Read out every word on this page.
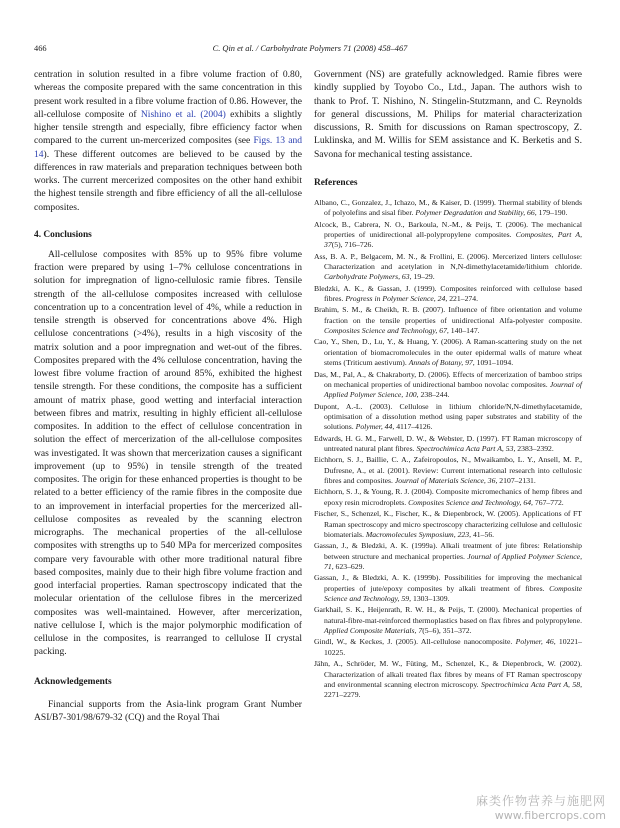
466	C. Qin et al. / Carbohydrate Polymers 71 (2008) 458–467

centration in solution resulted in a fibre volume fraction of 0.80, whereas the composite prepared with the same concentration in this present work resulted in a fibre volume fraction of 0.86. However, the all-cellulose composite of Nishino et al. (2004) exhibits a slightly higher tensile strength and especially, fibre efficiency factor when compared to the current un-mercerized composites (see Figs. 13 and 14). These different outcomes are believed to be caused by the differences in raw materials and preparation techniques between both works. The current mercerized composites on the other hand exhibit the highest tensile strength and fibre efficiency of all the all-cellulose composites.

4. Conclusions

All-cellulose composites with 85% up to 95% fibre volume fraction were prepared by using 1–7% cellulose concentrations in solution for impregnation of ligno-cellulosic ramie fibres. Tensile strength of the all-cellulose composites increased with cellulose concentration up to a concentration level of 4%, while a reduction in tensile strength is observed for concentrations above 4%. High cellulose concentrations (>4%), results in a high viscosity of the matrix solution and a poor impregnation and wet-out of the fibres. Composites prepared with the 4% cellulose concentration, having the lowest fibre volume fraction of around 85%, exhibited the highest tensile strength. For these conditions, the composite has a sufficient amount of matrix phase, good wetting and interfacial interaction between fibres and matrix, resulting in highly efficient all-cellulose composites. In addition to the effect of cellulose concentration in solution the effect of mercerization of the all-cellulose composites was investigated. It was shown that mercerization causes a significant improvement (up to 95%) in tensile strength of the treated composites. The origin for these enhanced properties is thought to be related to a better efficiency of the ramie fibres in the composite due to an improvement in interfacial properties for the mercerized all-cellulose composites as revealed by the scanning electron micrographs. The mechanical properties of the all-cellulose composites with strengths up to 540 MPa for mercerized composites compare very favourable with other more traditional natural fibre based composites, mainly due to their high fibre volume fraction and good interfacial properties. Raman spectroscopy indicated that the molecular orientation of the cellulose fibres in the mercerized composites was well-maintained. However, after mercerization, native cellulose I, which is the major polymorphic modification of cellulose in the composites, is rearranged to cellulose II crystal packing.

Acknowledgements

Financial supports from the Asia-link program Grant Number ASI/B7-301/98/679-32 (CQ) and the Royal Thai

Government (NS) are gratefully acknowledged. Ramie fibres were kindly supplied by Toyobo Co., Ltd., Japan. The authors wish to thank to Prof. T. Nishino, N. Stingelin-Stutzmann, and C. Reynolds for general discussions, M. Philips for material characterization discussions, R. Smith for discussions on Raman spectroscopy, Z. Luklinska, and M. Willis for SEM assistance and K. Berketis and S. Savona for mechanical testing assistance.

References
Albano, C., Gonzalez, J., Ichazo, M., & Kaiser, D. (1999). Thermal stability of blends of polyolefins and sisal fiber. Polymer Degradation and Stability, 66, 179–190.
Alcock, B., Cabrera, N. O., Barkoula, N.-M., & Peijs, T. (2006). The mechanical properties of unidirectional all-polypropylene composites. Composites, Part A, 37(5), 716–726.
Ass, B. A. P., Belgacem, M. N., & Frollini, E. (2006). Mercerized linters cellulose: Characterization and acetylation in N,N-dimethylacetamide/lithium chloride. Carbohydrate Polymers, 63, 19–29.
Bledzki, A. K., & Gassan, J. (1999). Composites reinforced with cellulose based fibres. Progress in Polymer Science, 24, 221–274.
Brahim, S. M., & Cheikh, R. B. (2007). Influence of fibre orientation and volume fraction on the tensile properties of unidirectional Alfa-polyester composite. Composites Science and Technology, 67, 140–147.
Cao, Y., Shen, D., Lu, Y., & Huang, Y. (2006). A Raman-scattering study on the net orientation of biomacromolecules in the outer epidermal walls of mature wheat stems (Triticum aestivum). Annals of Botany, 97, 1091–1094.
Das, M., Pal, A., & Chakraborty, D. (2006). Effects of mercerization of bamboo strips on mechanical properties of unidirectional bamboo novolac composites. Journal of Applied Polymer Science, 100, 238–244.
Dupont, A.-L. (2003). Cellulose in lithium chloride/N,N-dimethylacetamide, optimisation of a dissolution method using paper substrates and stability of the solutions. Polymer, 44, 4117–4126.
Edwards, H. G. M., Farwell, D. W., & Webster, D. (1997). FT Raman microscopy of untreated natural plant fibres. Spectrochimica Acta Part A, 53, 2383–2392.
Eichhorn, S. J., Baillie, C. A., Zafeiropoulos, N., Mwaikambo, L. Y., Ansell, M. P., Dufresne, A., et al. (2001). Review: Current international research into cellulosic fibres and composites. Journal of Materials Science, 36, 2107–2131.
Eichhorn, S. J., & Young, R. J. (2004). Composite micromechanics of hemp fibres and epoxy resin microdroplets. Composites Science and Technology, 64, 767–772.
Fischer, S., Schenzel, K., Fischer, K., & Diepenbrock, W. (2005). Applications of FT Raman spectroscopy and micro spectroscopy characterizing cellulose and cellulosic biomaterials. Macromolecules Symposium, 223, 41–56.
Gassan, J., & Bledzki, A. K. (1999a). Alkali treatment of jute fibres: Relationship between structure and mechanical properties. Journal of Applied Polymer Science, 71, 623–629.
Gassan, J., & Bledzki, A. K. (1999b). Possibilities for improving the mechanical properties of jute/epoxy composites by alkali treatment of fibres. Composite Science and Technology, 59, 1303–1309.
Garkhail, S. K., Heijenrath, R. W. H., & Peijs, T. (2000). Mechanical properties of natural-fibre-mat-reinforced thermoplastics based on flax fibres and polypropylene. Applied Composite Materials, 7(5–6), 351–372.
Gindl, W., & Keckes, J. (2005). All-cellulose nanocomposite. Polymer, 46, 10221–10225.
Jähn, A., Schröder, M. W., Füting, M., Schenzel, K., & Diepenbrock, W. (2002). Characterization of alkali treated flax fibres by means of FT Raman spectroscopy and environmental scanning electron microscopy. Spectrochimica Acta Part A, 58, 2271–2279.
麻类作物营养与施肥网
www.fibercrops.com
